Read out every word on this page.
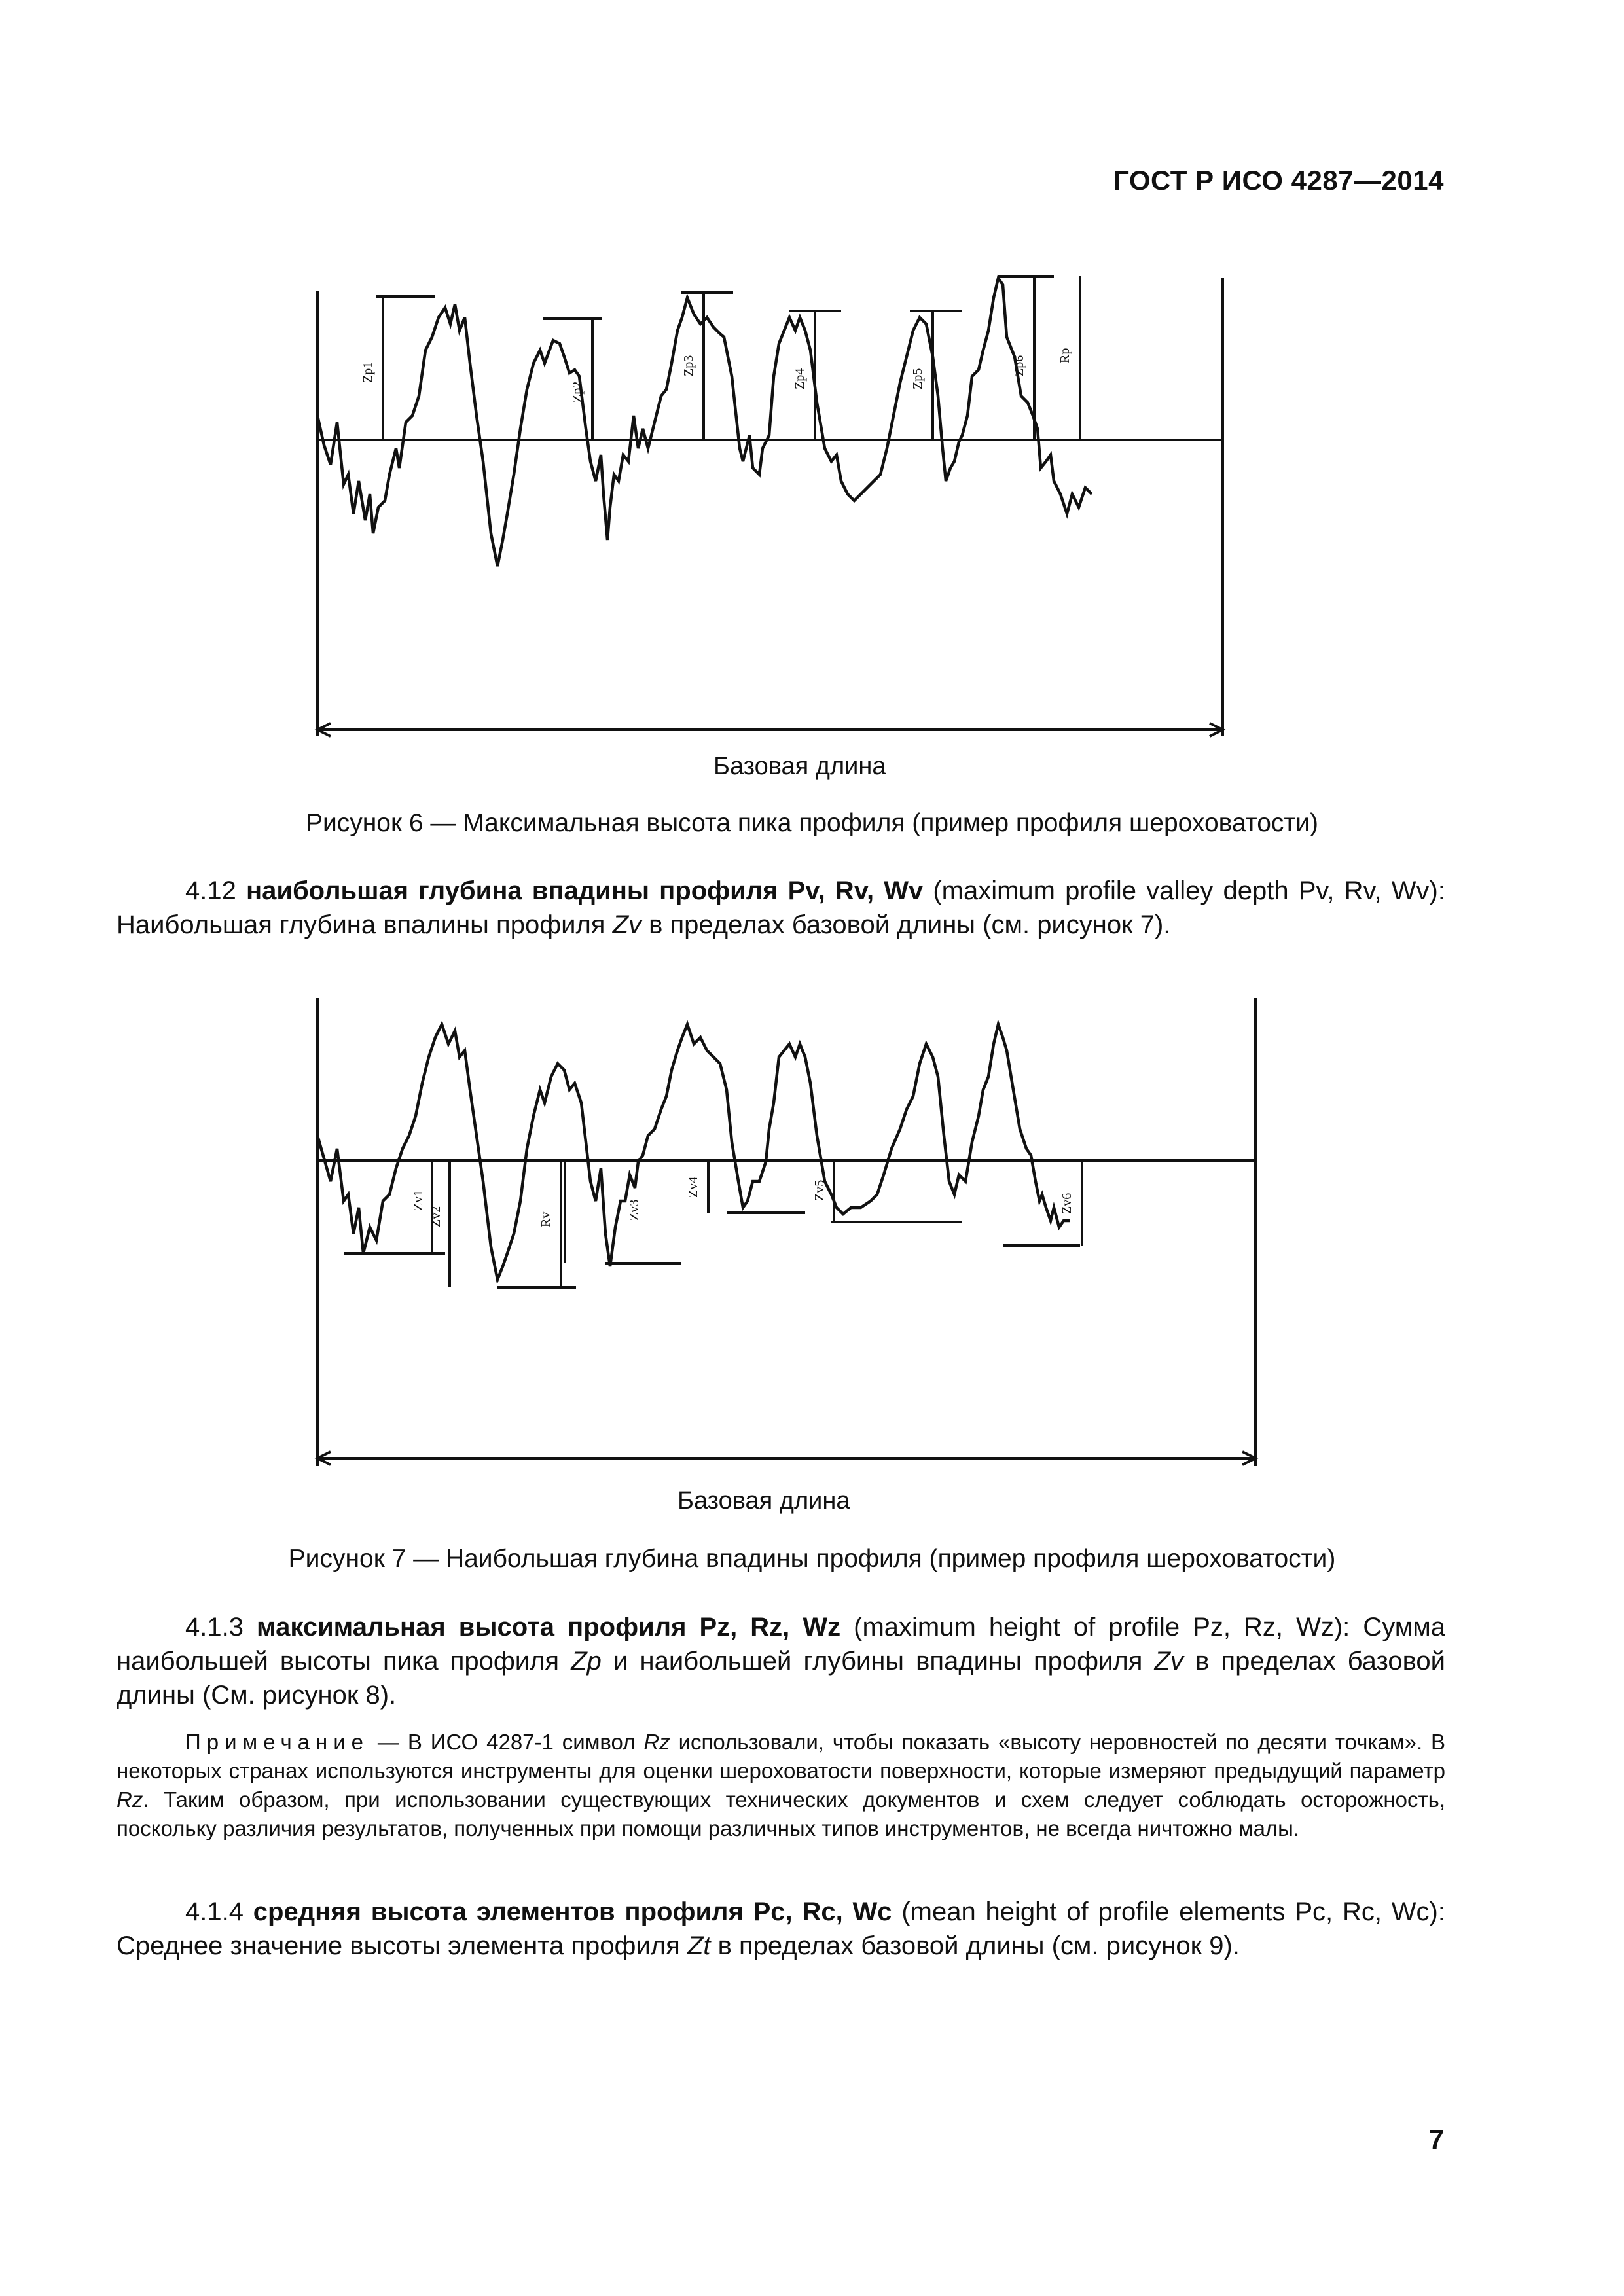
ГОСТ Р ИСО 4287—2014
Zp1
Zp2
Zp3
Zp4	Zp5
Zp6 Rp
Базовая длина
Рисунок 6 — Максимальная высота пика профиля (пример профиля шероховатости)
4.12 наибольшая глубина впадины профиля Pv, Rv, Wv (maximum profile valley depth Pv, Rv, Wv): Наибольшая глубина впалины профиля Zv в пределах базовой длины (см. рисунок 7).
Zv1
Zv2	Rv	Zv3
Zv4	Zv5
Zv6
Базовая длина
Рисунок 7 — Наибольшая глубина впадины профиля (пример профиля шероховатости)
4.1.3 максимальная высота профиля Pz, Rz, Wz (maximum height of profile Pz, Rz, Wz): Сумма наибольшей высоты пика профиля Zp и наибольшей глубины впадины профиля Zv в пределах базовой длины (См. рисунок 8).
Примечание — В ИСО 4287-1 символ Rz использовали, чтобы показать «высоту неровностей по десяти точкам». В некоторых странах используются инструменты для оценки шероховатости поверхности, которые измеряют предыдущий параметр Rz. Таким образом, при использовании существующих технических документов и схем следует соблюдать осторожность, поскольку различия результатов, полученных при помощи различных типов инструментов, не всегда ничтожно малы.
4.1.4 средняя высота элементов профиля Pc, Rc, Wc (mean height of profile elements Pc, Rc, Wc): Среднее значение высоты элемента профиля Zt в пределах базовой длины (см. рисунок 9).
7
